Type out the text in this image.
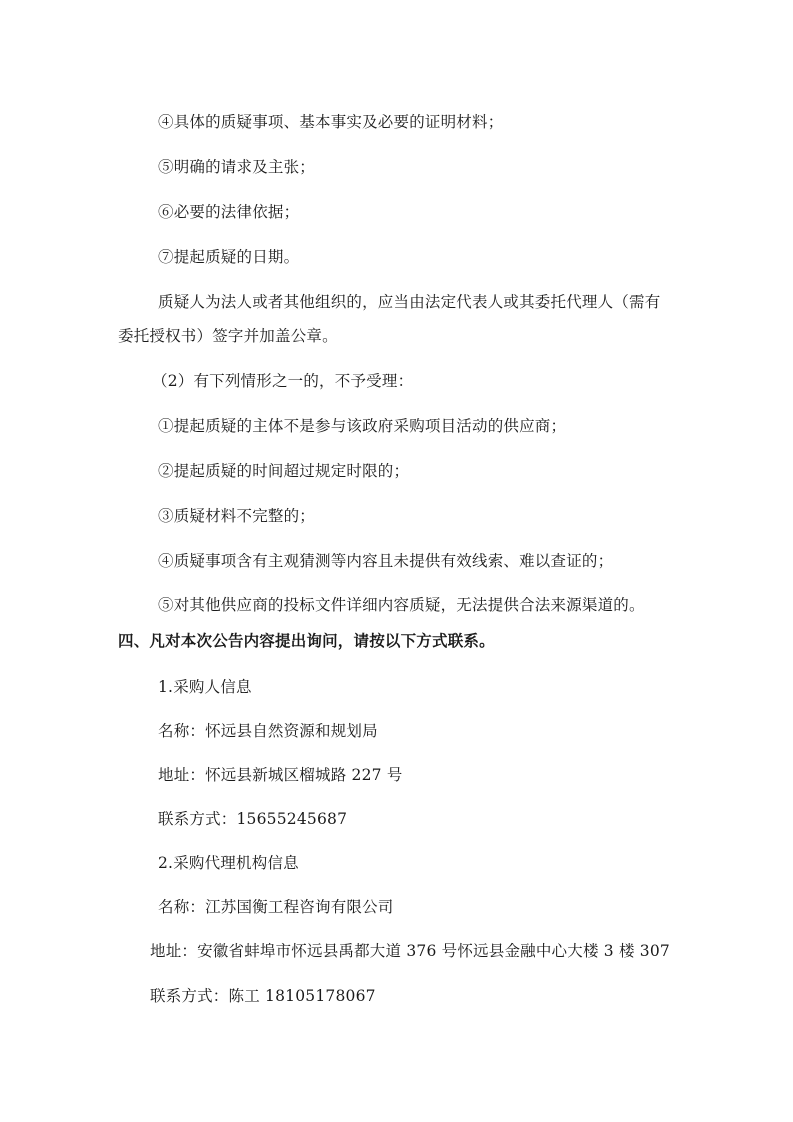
④具体的质疑事项、基本事实及必要的证明材料；
⑤明确的请求及主张；
⑥必要的法律依据；
⑦提起质疑的日期。
质疑人为法人或者其他组织的，应当由法定代表人或其委托代理人（需有
委托授权书）签字并加盖公章。
（2）有下列情形之一的，不予受理：
①提起质疑的主体不是参与该政府采购项目活动的供应商；
②提起质疑的时间超过规定时限的；
③质疑材料不完整的；
④质疑事项含有主观猜测等内容且未提供有效线索、难以查证的；
⑤对其他供应商的投标文件详细内容质疑，无法提供合法来源渠道的。
四、凡对本次公告内容提出询问，请按以下方式联系。
1.采购人信息
名称：怀远县自然资源和规划局
地址：怀远县新城区榴城路 227 号
联系方式：15655245687
2.采购代理机构信息
名称：江苏国衡工程咨询有限公司
地址：安徽省蚌埠市怀远县禹都大道 376 号怀远县金融中心大楼 3 楼 307
联系方式：陈工 18105178067
